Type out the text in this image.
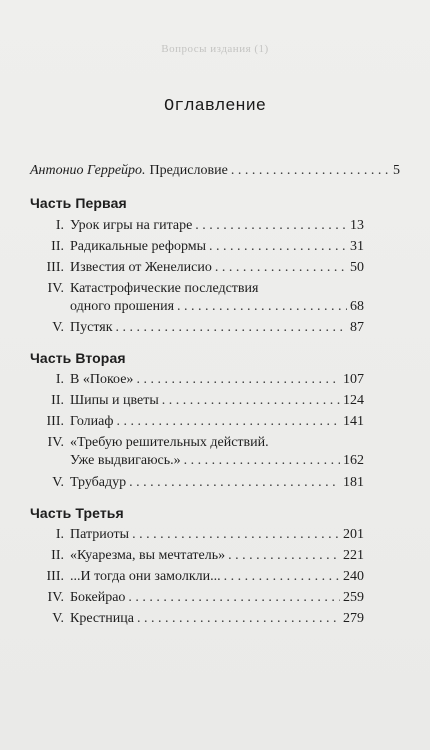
Вопросы издания (1)
Оглавление
Антонио Геррейро. Предисловие . . .	5
Часть Первая
I. Урок игры на гитаре . . .	13
II. Радикальные реформы . . .	31
III. Известия от Женелисио . . .	50
IV. Катастрофические последствия
одного прошения . . .	68
V. Пустяк . . .	87
Часть Вторая
I. В «Покое» . . .	107
II. Шипы и цветы . . .	124
III. Голиаф . . .	141
IV. «Требую решительных действий.
Уже выдвигаюсь.» . . .	162
V. Трубадур . . .	181
Часть Третья
I. Патриоты . . .	201
II. «Куарезма, вы мечтатель» . . .	221
III. ...И тогда они замолкли... . . .	240
IV. Бокейрао . . .	259
V. Крестница . . .	279
